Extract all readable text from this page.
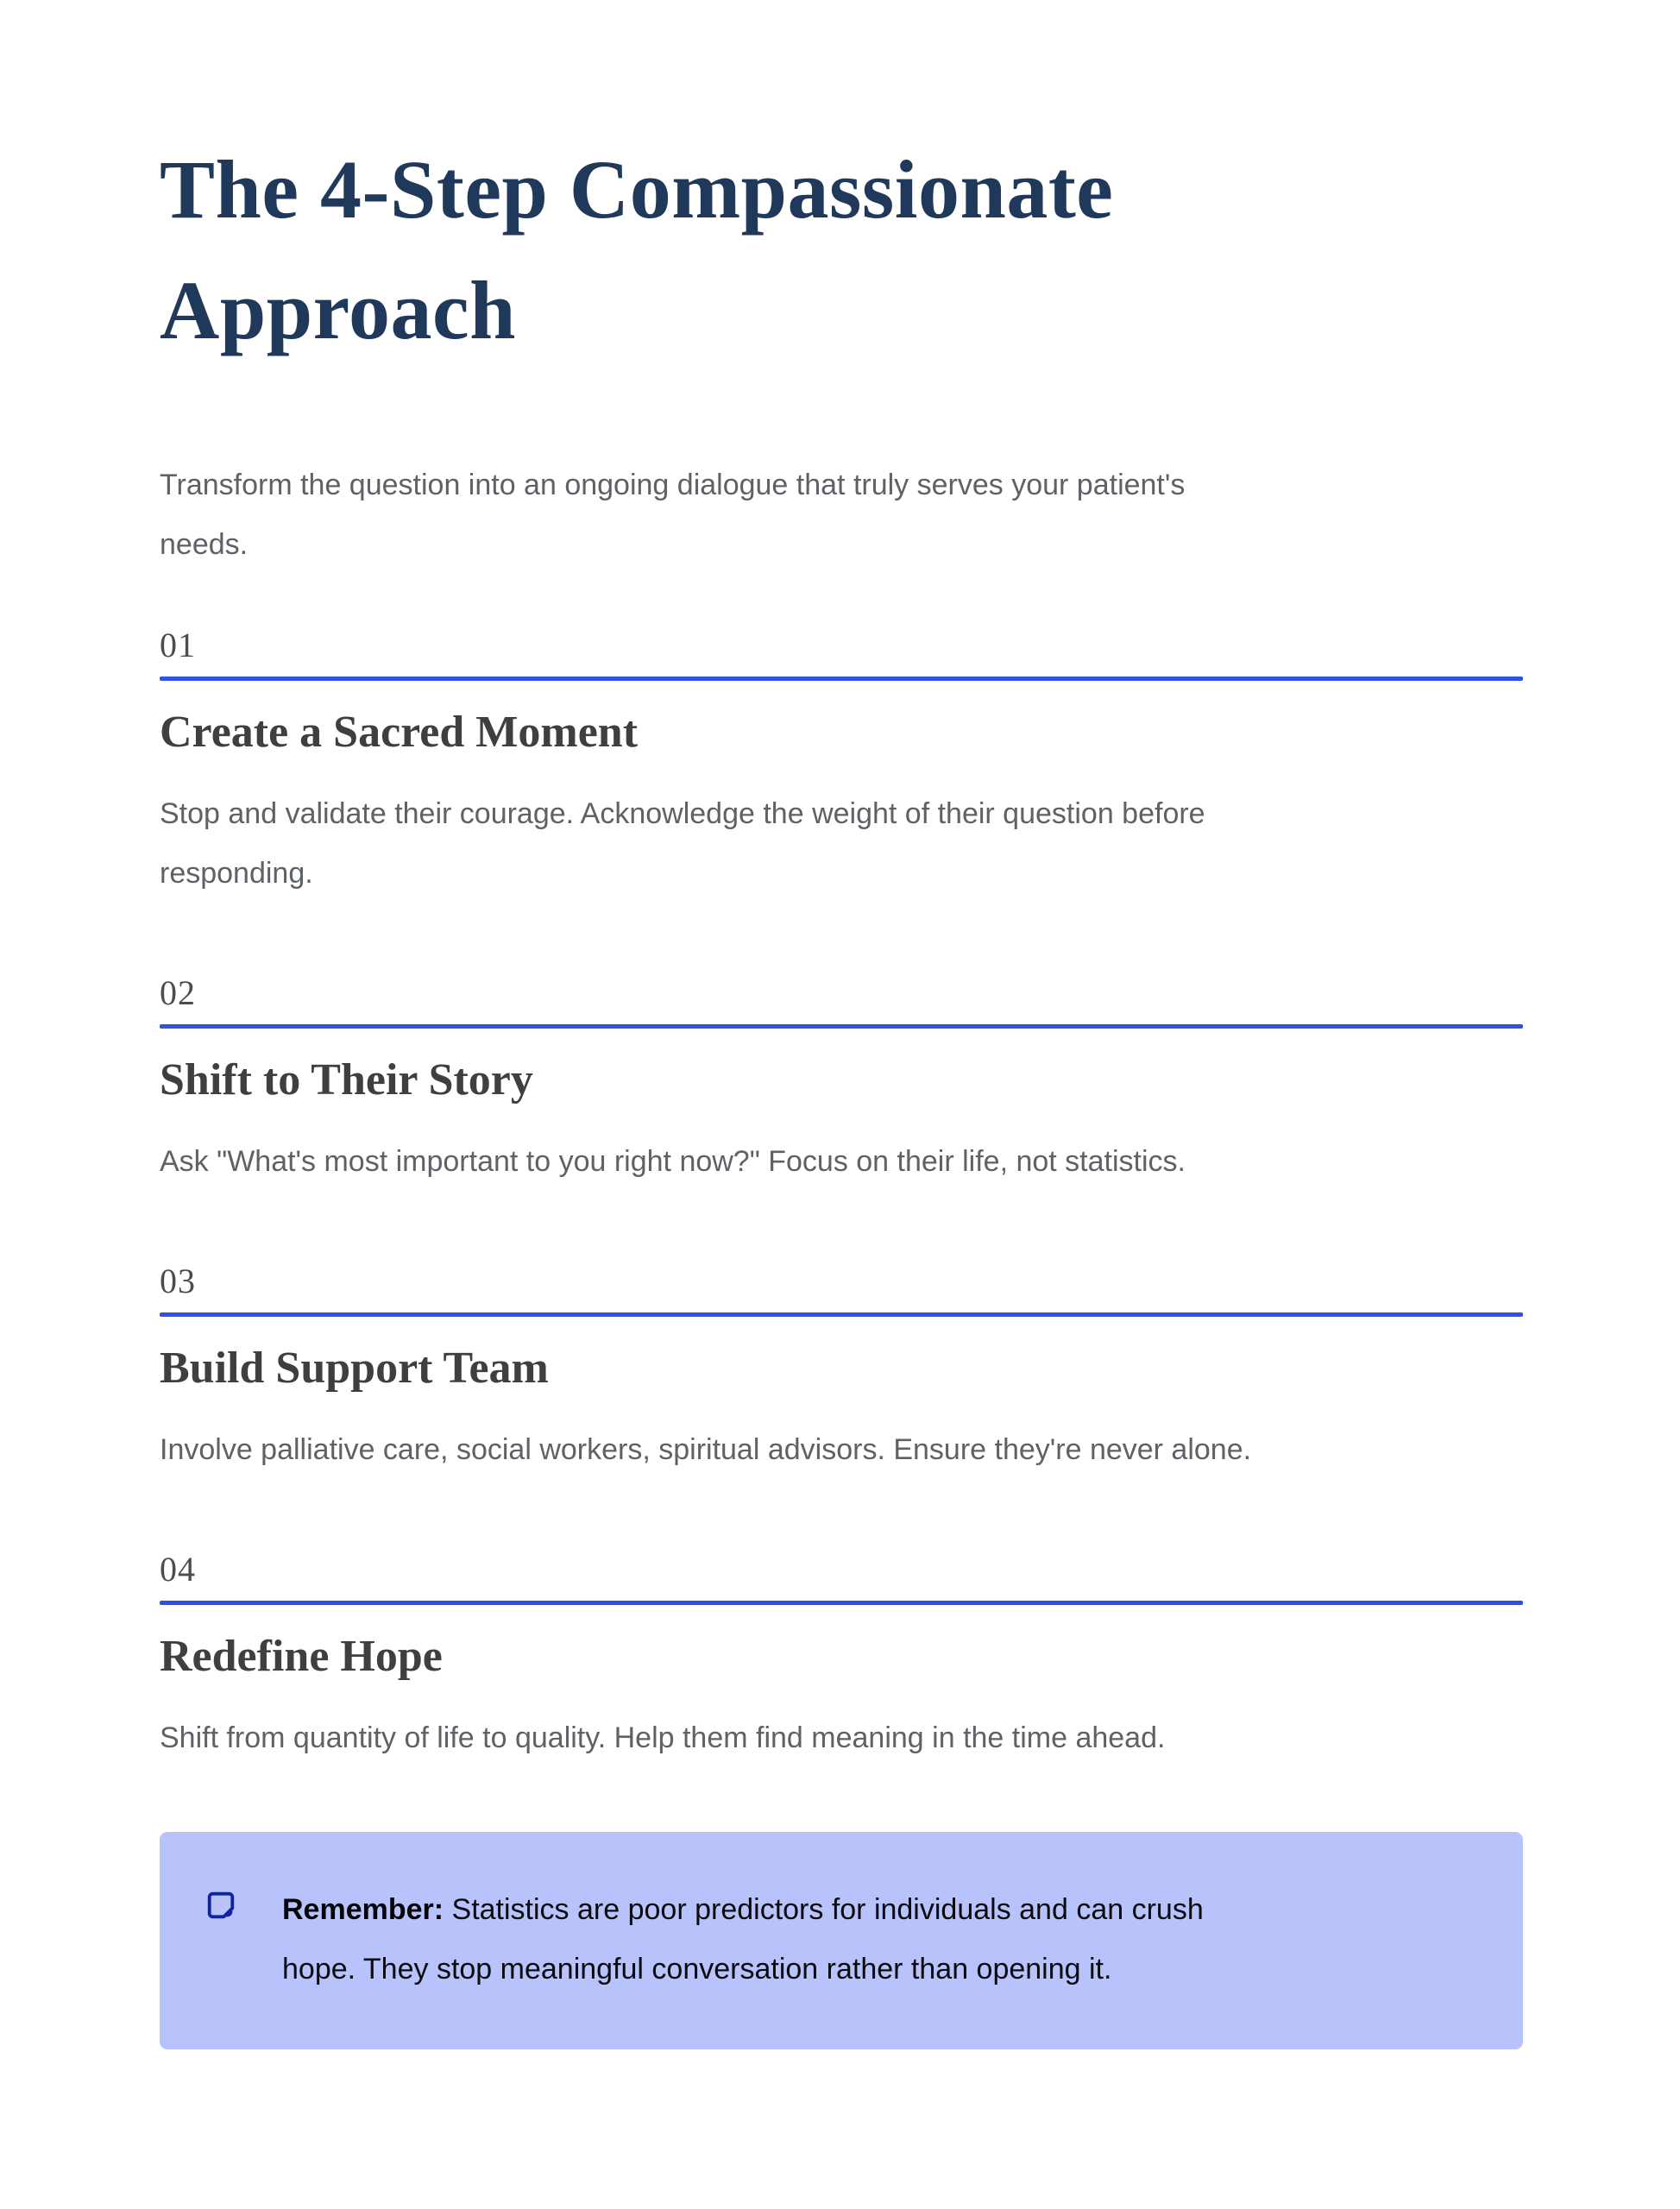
The 4-Step Compassionate
Approach
Transform the question into an ongoing dialogue that truly serves your patient's
needs.
01
Create a Sacred Moment
Stop and validate their courage. Acknowledge the weight of their question before
responding.
02
Shift to Their Story
Ask "What's most important to you right now?" Focus on their life, not statistics.
03
Build Support Team
Involve palliative care, social workers, spiritual advisors. Ensure they're never alone.
04
Redefine Hope
Shift from quantity of life to quality. Help them find meaning in the time ahead.
Remember: Statistics are poor predictors for individuals and can crush
hope. They stop meaningful conversation rather than opening it.
